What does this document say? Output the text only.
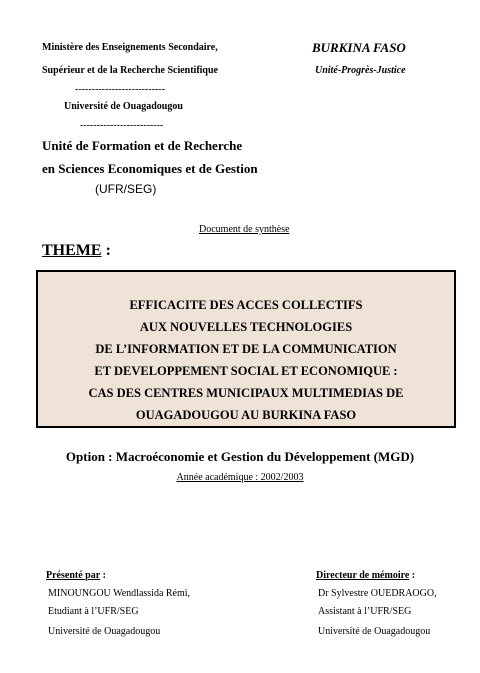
Ministère des Enseignements Secondaire,
Supérieur et de la Recherche Scientifique
---------------------------
Université de Ouagadougou
-------------------------
Unité de Formation et de Recherche
en Sciences Economiques et de Gestion
(UFR/SEG)
BURKINA FASO
Unité-Progrès-Justice
Document de synthèse
THEME :
EFFICACITE DES ACCES COLLECTIFS
AUX NOUVELLES TECHNOLOGIES
DE L’INFORMATION ET DE LA COMMUNICATION
ET DEVELOPPEMENT SOCIAL ET ECONOMIQUE :
CAS DES CENTRES MUNICIPAUX MULTIMEDIAS DE
OUAGADOUGOU AU BURKINA FASO
Option : Macroéconomie et Gestion du Développement (MGD)
Année académique : 2002/2003
Présenté par :
MINOUNGOU Wendlassida Rémi,
Etudiant à l’UFR/SEG
Université de Ouagadougou
Directeur de mémoire :
Dr Sylvestre OUEDRAOGO,
Assistant à l’UFR/SEG
Université de Ouagadougou
